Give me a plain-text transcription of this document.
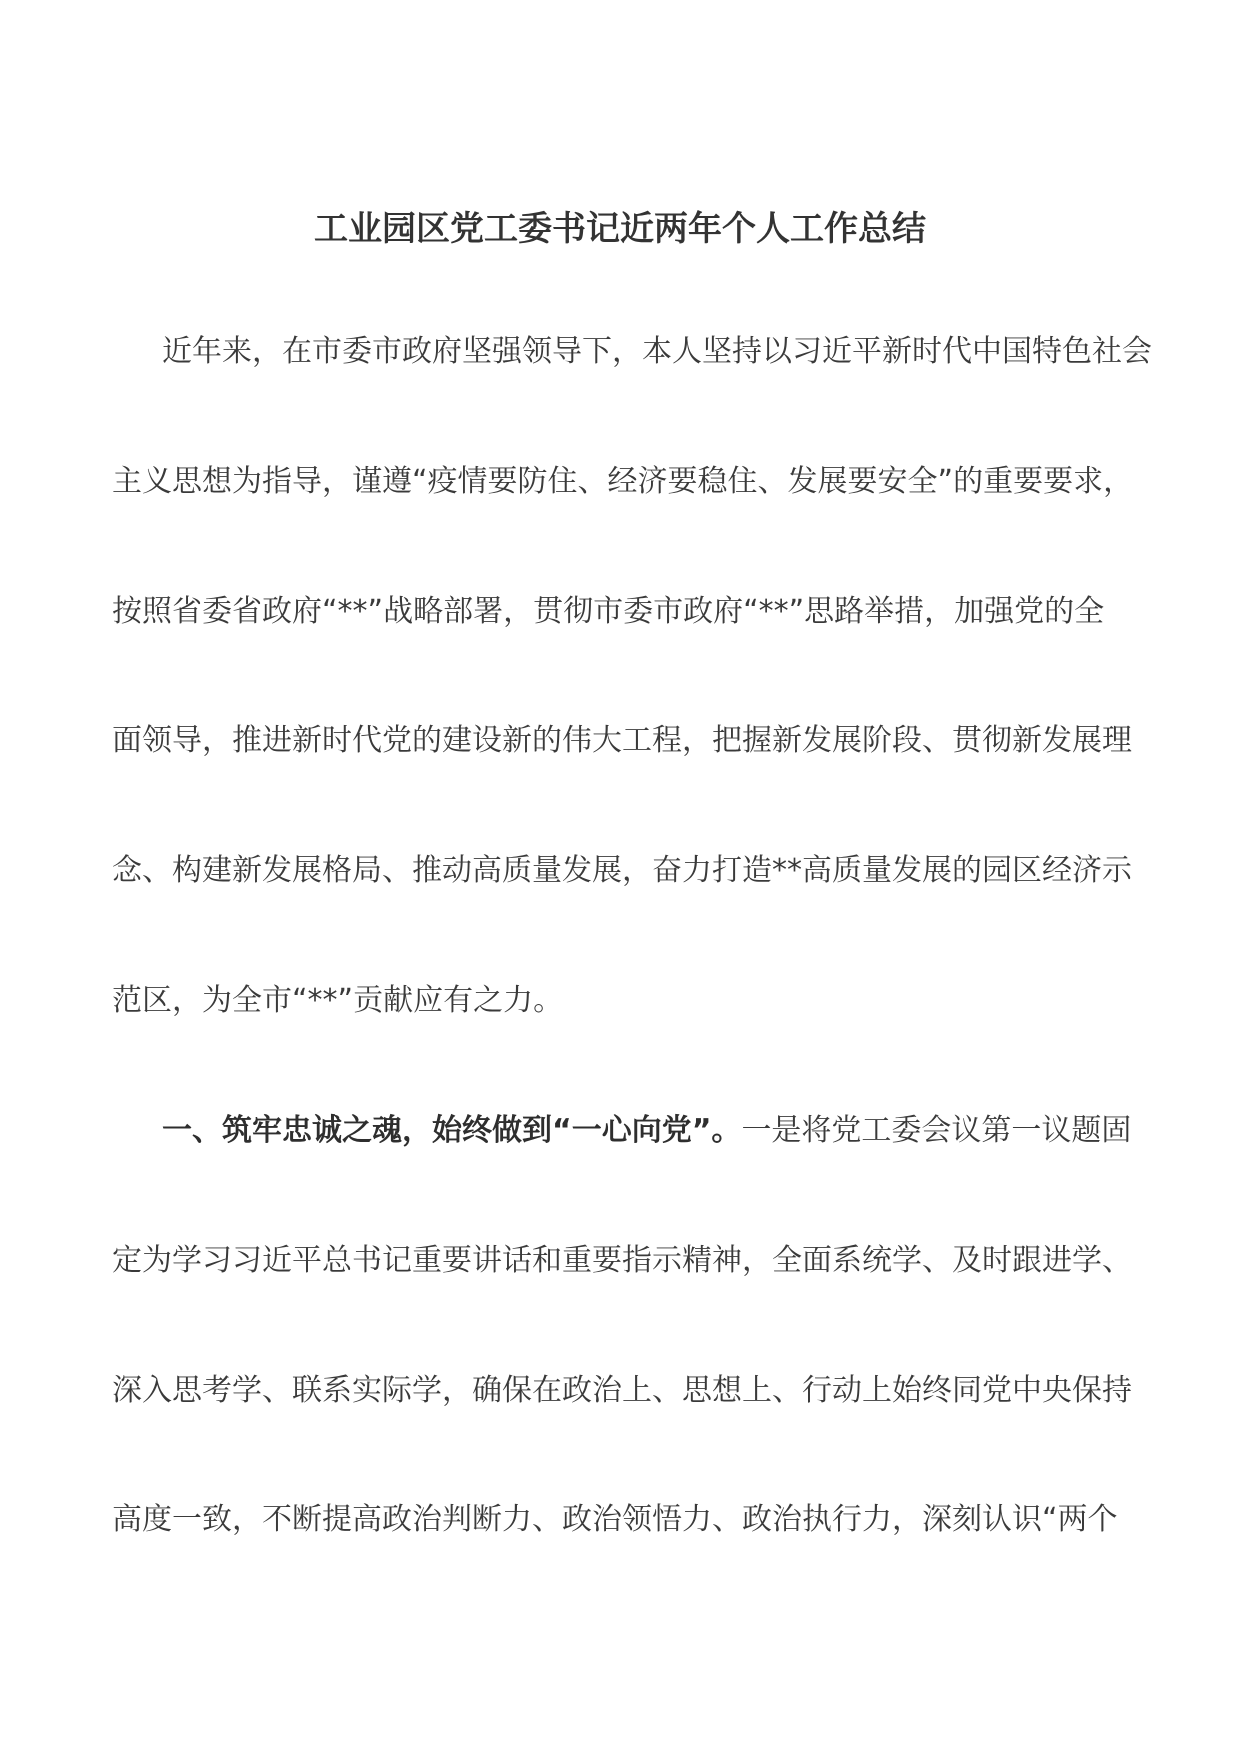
工业园区党工委书记近两年个人工作总结
近年来，在市委市政府坚强领导下，本人坚持以习近平新时代中国特色社会
主义思想为指导，谨遵“疫情要防住、经济要稳住、发展要安全”的重要要求，
按照省委省政府“**”战略部署，贯彻市委市政府“**”思路举措，加强党的全
面领导，推进新时代党的建设新的伟大工程，把握新发展阶段、贯彻新发展理
念、构建新发展格局、推动高质量发展，奋力打造**高质量发展的园区经济示
范区，为全市“**”贡献应有之力。
一、筑牢忠诚之魂，始终做到“一心向党”。一是将党工委会议第一议题固
定为学习习近平总书记重要讲话和重要指示精神，全面系统学、及时跟进学、
深入思考学、联系实际学，确保在政治上、思想上、行动上始终同党中央保持
高度一致，不断提高政治判断力、政治领悟力、政治执行力，深刻认识“两个
